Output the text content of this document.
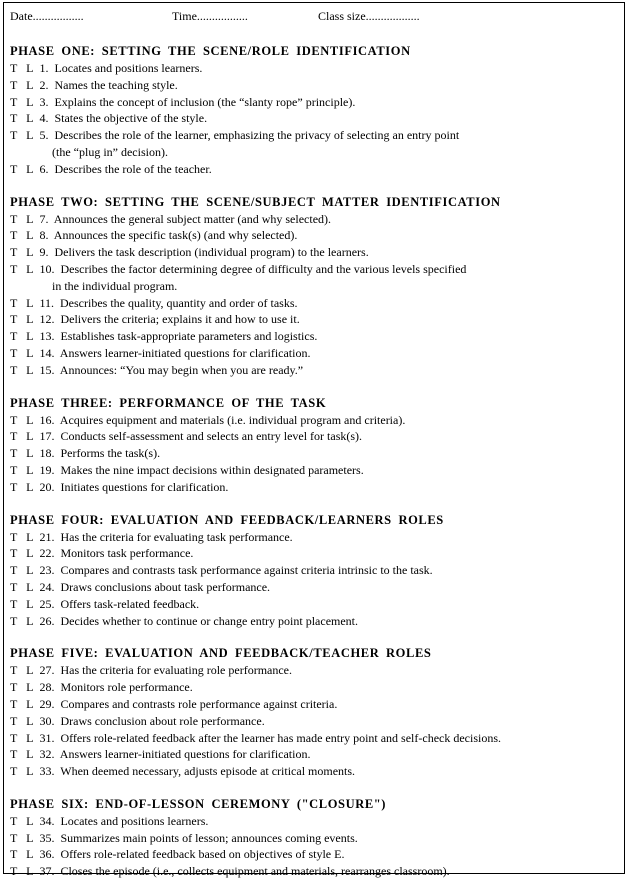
Date.................	Time.................	Class size..................
PHASE ONE: SETTING THE SCENE/ROLE IDENTIFICATION
T L 1. Locates and positions learners.
T L 2. Names the teaching style.
T L 3. Explains the concept of inclusion (the “slanty rope” principle).
T L 4. States the objective of the style.
T L 5. Describes the role of the learner, emphasizing the privacy of selecting an entry point
(the “plug in” decision).
T L 6. Describes the role of the teacher.
PHASE TWO: SETTING THE SCENE/SUBJECT MATTER IDENTIFICATION
T L 7. Announces the general subject matter (and why selected).
T L 8. Announces the specific task(s) (and why selected).
T L 9. Delivers the task description (individual program) to the learners.
T L 10. Describes the factor determining degree of difficulty and the various levels specified
in the individual program.
T L 11. Describes the quality, quantity and order of tasks.
T L 12. Delivers the criteria; explains it and how to use it.
T L 13. Establishes task-appropriate parameters and logistics.
T L 14. Answers learner-initiated questions for clarification.
T L 15. Announces: “You may begin when you are ready.”
PHASE THREE: PERFORMANCE OF THE TASK
T L 16. Acquires equipment and materials (i.e. individual program and criteria).
T L 17. Conducts self-assessment and selects an entry level for task(s).
T L 18. Performs the task(s).
T L 19. Makes the nine impact decisions within designated parameters.
T L 20. Initiates questions for clarification.
PHASE FOUR: EVALUATION AND FEEDBACK/LEARNERS ROLES
T L 21. Has the criteria for evaluating task performance.
T L 22. Monitors task performance.
T L 23. Compares and contrasts task performance against criteria intrinsic to the task.
T L 24. Draws conclusions about task performance.
T L 25. Offers task-related feedback.
T L 26. Decides whether to continue or change entry point placement.
PHASE FIVE: EVALUATION AND FEEDBACK/TEACHER ROLES
T L 27. Has the criteria for evaluating role performance.
T L 28. Monitors role performance.
T L 29. Compares and contrasts role performance against criteria.
T L 30. Draws conclusion about role performance.
T L 31. Offers role-related feedback after the learner has made entry point and self-check decisions.
T L 32. Answers learner-initiated questions for clarification.
T L 33. When deemed necessary, adjusts episode at critical moments.
PHASE SIX: END-OF-LESSON CEREMONY ("CLOSURE")
T L 34. Locates and positions learners.
T L 35. Summarizes main points of lesson; announces coming events.
T L 36. Offers role-related feedback based on objectives of style E.
T L 37. Closes the episode (i.e., collects equipment and materials, rearranges classroom).
